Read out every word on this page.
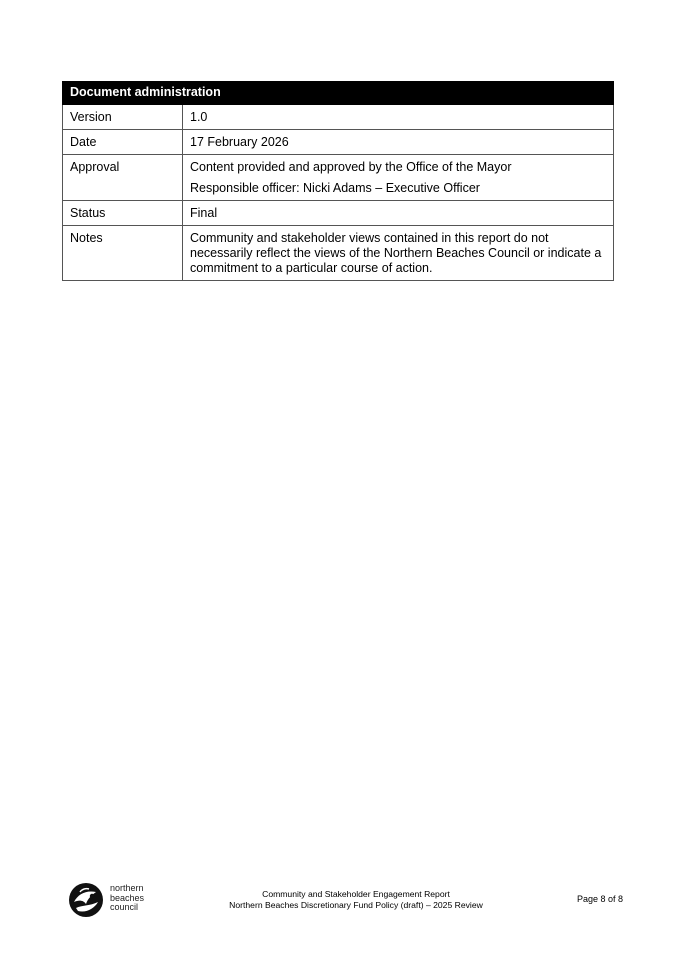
Document administration	
Version	1.0
Date	17 February 2026
Approval	Content provided and approved by the Office of the Mayor
Responsible officer: Nicki Adams – Executive Officer

Status	Final
Notes	Community and stakeholder views contained in this report do not necessarily reflect the views of the Northern Beaches Council or indicate a commitment to a particular course of action.
northern
beaches
council
Community and Stakeholder Engagement Report
Northern Beaches Discretionary Fund Policy (draft) – 2025 Review
Page 8 of 8
